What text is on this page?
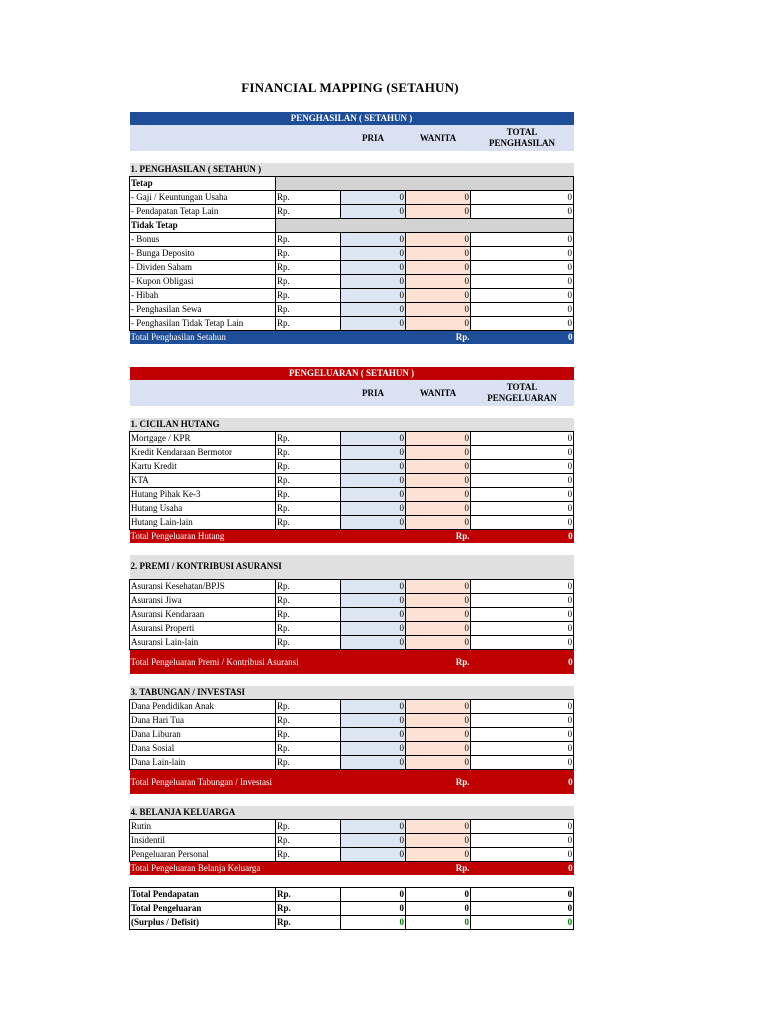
FINANCIAL MAPPING (SETAHUN)
PENGHASILAN ( SETAHUN )				
		PRIA	WANITA	TOTAL
PENGHASILAN

1. PENGHASILAN ( SETAHUN )				
Tetap				
- Gaji / Keuntungan Usaha	Rp.	0	0	0
- Pendapatan Tetap Lain	Rp.	0	0	0
Tidak Tetap				
- Bonus	Rp.	0	0	0
- Bunga Deposito	Rp.	0	0	0
- Dividen Saham	Rp.	0	0	0
- Kupon Obligasi	Rp.	0	0	0
- Hibah	Rp.	0	0	0
- Penghasilan Sewa	Rp.	0	0	0
- Penghasilan Tidak Tetap Lain	Rp.	0	0	0
Total Penghasilan Setahun			Rp.	0
PENGELUARAN ( SETAHUN )				
		PRIA	WANITA	TOTAL
PENGELUARAN

1. CICILAN HUTANG				
Mortgage / KPR	Rp.	0	0	0
Kredit Kendaraan Bermotor	Rp.	0	0	0
Kartu Kredit	Rp.	0	0	0
KTA	Rp.	0	0	0
Hutang Pihak Ke-3	Rp.	0	0	0
Hutang Usaha	Rp.	0	0	0
Hutang Lain-lain	Rp.	0	0	0
Total Pengeluaran Hutang			Rp.	0

2. PREMI / KONTRIBUSI ASURANSI				
Asuransi Kesehatan/BPJS	Rp.	0	0	0
Asuransi Jiwa	Rp.	0	0	0
Asuransi Kendaraan	Rp.	0	0	0
Asuransi Properti	Rp.	0	0	0
Asuransi Lain-lain	Rp.	0	0	0
Total Pengeluaran Premi / Kontribusi Asuransi			Rp.	0

3. TABUNGAN / INVESTASI				
Dana Pendidikan Anak	Rp.	0	0	0
Dana Hari Tua	Rp.	0	0	0
Dana Liburan	Rp.	0	0	0
Dana Sosial	Rp.	0	0	0
Dana Lain-lain	Rp.	0	0	0
Total Pengeluaran Tabungan / Investasi			Rp.	0

4. BELANJA KELUARGA				
Rutin	Rp.	0	0	0
Insidentil	Rp.	0	0	0
Pengeluaran Personal	Rp.	0	0	0
Total Pengeluaran Belanja Keluarga			Rp.	0

Total Pendapatan	Rp.	0	0	0
Total Pengeluaran	Rp.	0	0	0
(Surplus / Defisit)	Rp.	0	0	0
